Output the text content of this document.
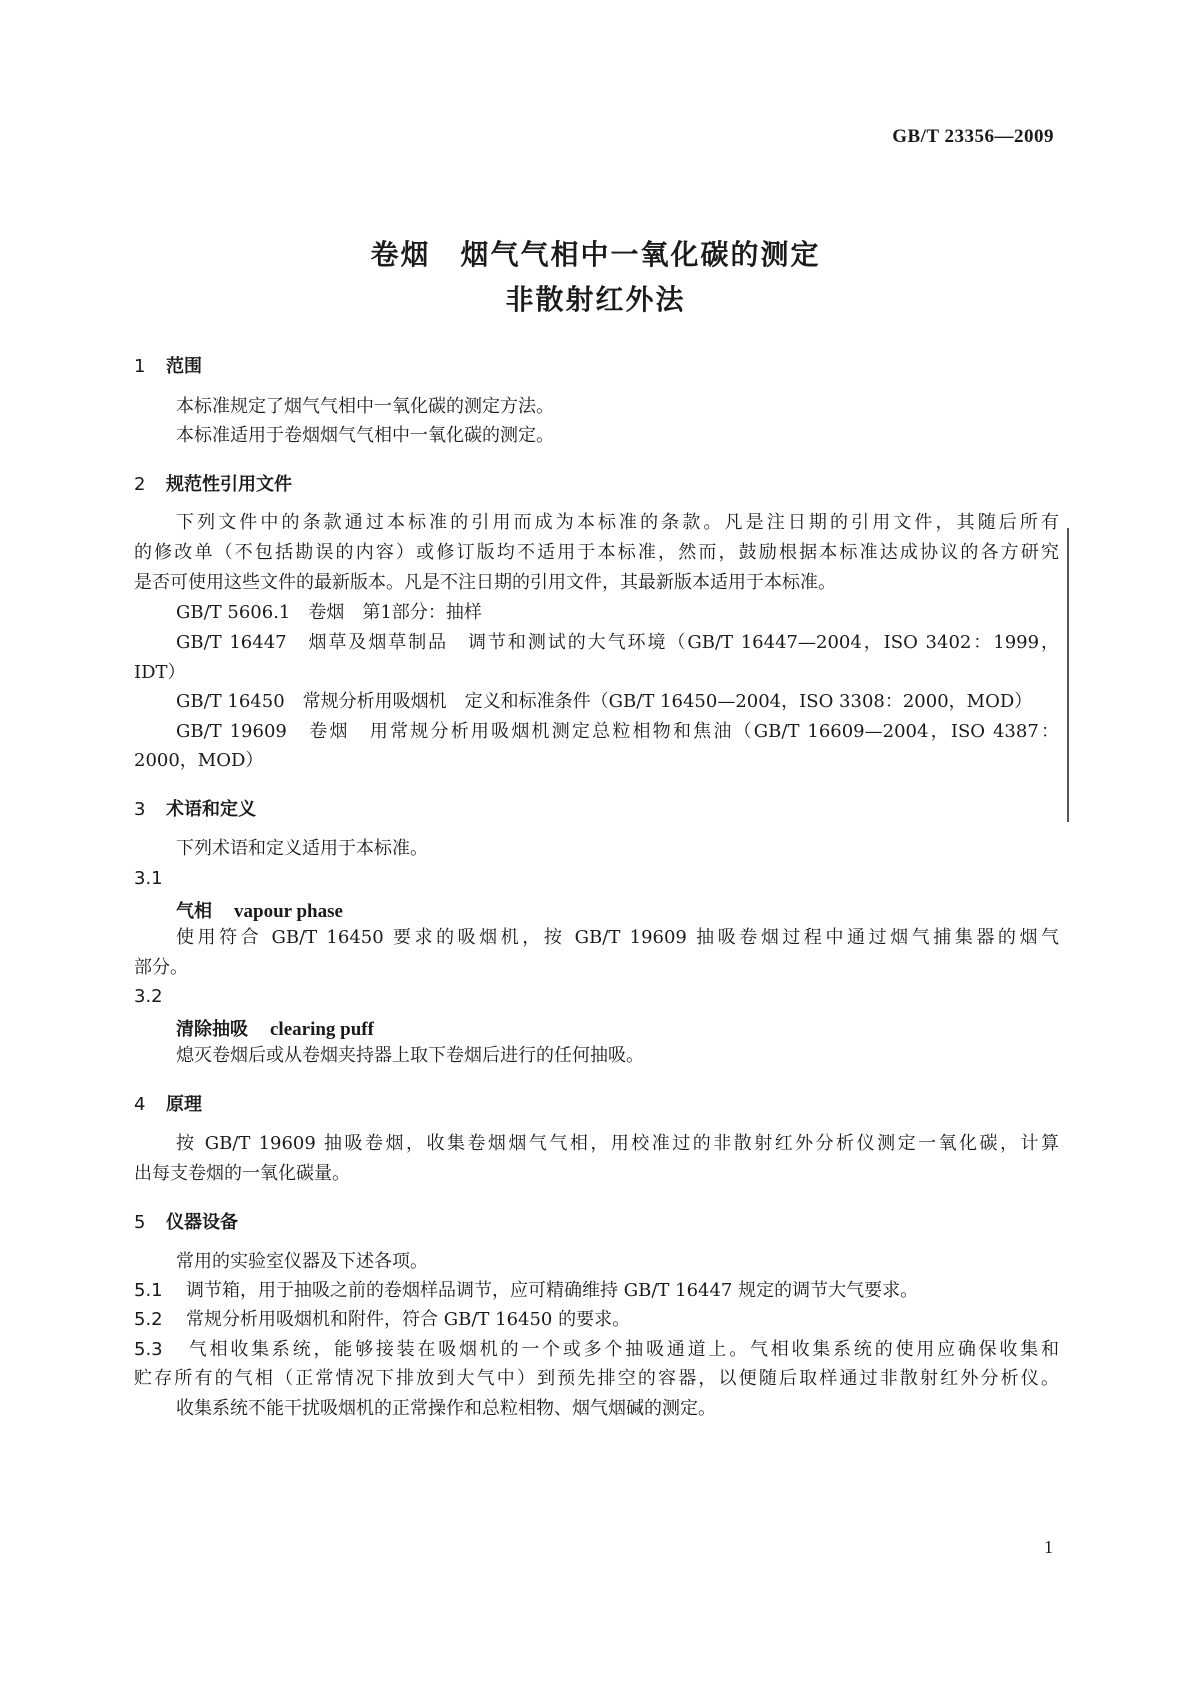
GB/T 23356—2009
卷烟　烟气气相中一氧化碳的测定
非散射红外法
1 范围
本标准规定了烟气气相中一氧化碳的测定方法。
本标准适用于卷烟烟气气相中一氧化碳的测定。
2 规范性引用文件
下列文件中的条款通过本标准的引用而成为本标准的条款。凡是注日期的引用文件，其随后所有
的修改单（不包括勘误的内容）或修订版均不适用于本标准，然而，鼓励根据本标准达成协议的各方研究
是否可使用这些文件的最新版本。凡是不注日期的引用文件，其最新版本适用于本标准。
GB/T 5606.1　卷烟　第1部分：抽样
GB/T 16447　烟草及烟草制品　调节和测试的大气环境（GB/T 16447—2004，ISO 3402：1999，
IDT）
GB/T 16450　常规分析用吸烟机　定义和标准条件（GB/T 16450—2004，ISO 3308：2000，MOD）
GB/T 19609　卷烟　用常规分析用吸烟机测定总粒相物和焦油（GB/T 16609—2004，ISO 4387：
2000，MOD）
3 术语和定义
下列术语和定义适用于本标准。
3.1
气相 vapour phase
使用符合 GB/T 16450 要求的吸烟机，按 GB/T 19609 抽吸卷烟过程中通过烟气捕集器的烟气
部分。
3.2
清除抽吸 clearing puff
熄灭卷烟后或从卷烟夹持器上取下卷烟后进行的任何抽吸。
4 原理
按 GB/T 19609 抽吸卷烟，收集卷烟烟气气相，用校准过的非散射红外分析仪测定一氧化碳，计算
出每支卷烟的一氧化碳量。
5 仪器设备
常用的实验室仪器及下述各项。
5.1 调节箱，用于抽吸之前的卷烟样品调节，应可精确维持 GB/T 16447 规定的调节大气要求。
5.2 常规分析用吸烟机和附件，符合 GB/T 16450 的要求。
5.3 气相收集系统，能够接装在吸烟机的一个或多个抽吸通道上。气相收集系统的使用应确保收集和
贮存所有的气相（正常情况下排放到大气中）到预先排空的容器，以便随后取样通过非散射红外分析仪。
收集系统不能干扰吸烟机的正常操作和总粒相物、烟气烟碱的测定。
1
